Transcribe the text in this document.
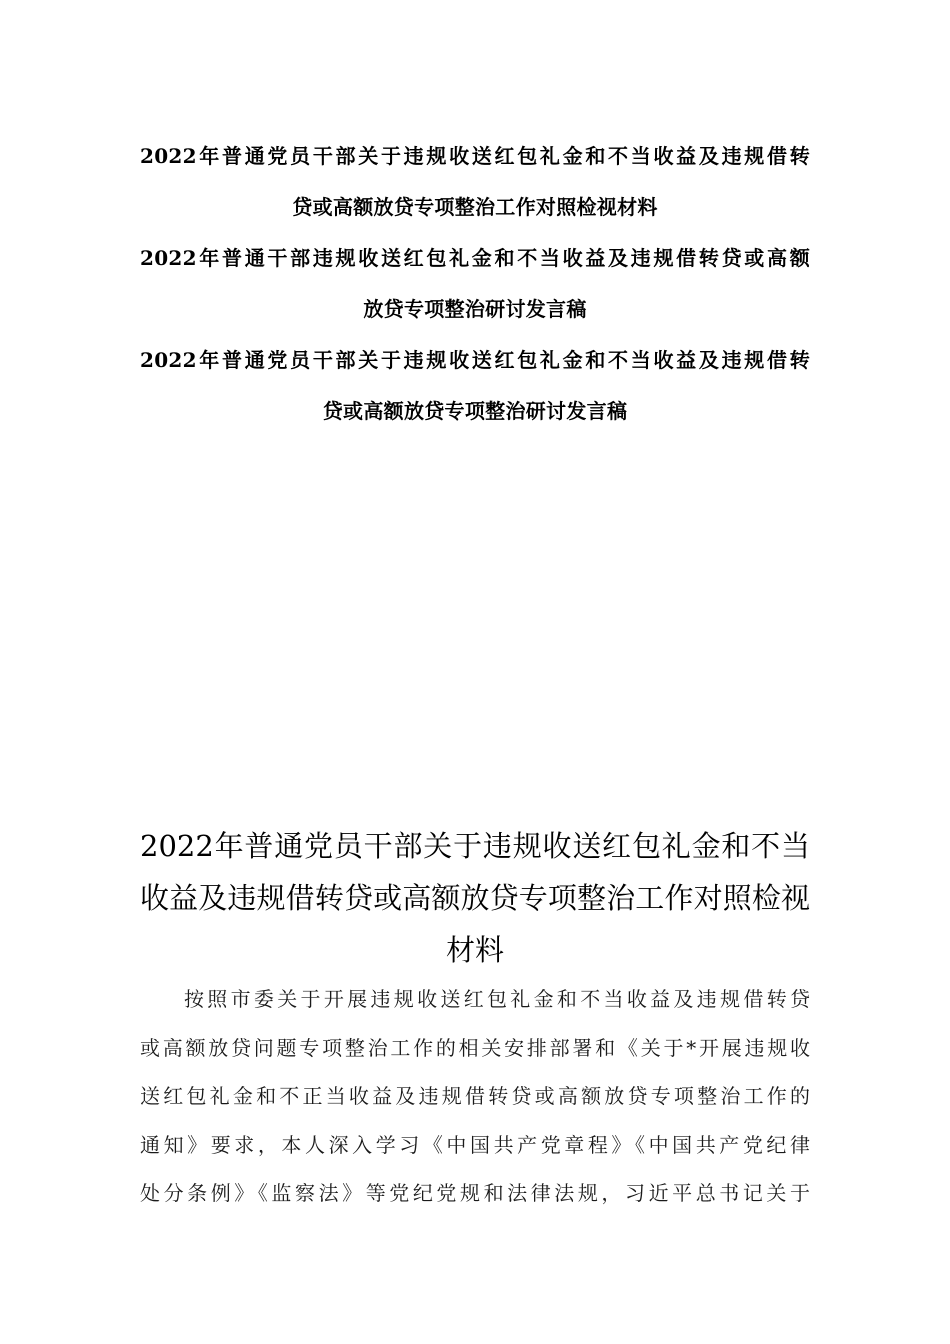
2022年普通党员干部关于违规收送红包礼金和不当收益及违规借转
贷或高额放贷专项整治工作对照检视材料
2022年普通干部违规收送红包礼金和不当收益及违规借转贷或高额
放贷专项整治研讨发言稿
2022年普通党员干部关于违规收送红包礼金和不当收益及违规借转
贷或高额放贷专项整治研讨发言稿
2022年普通党员干部关于违规收送红包礼金和不当
收益及违规借转贷或高额放贷专项整治工作对照检视
材料
按照市委关于开展违规收送红包礼金和不当收益及违规借转贷
或高额放贷问题专项整治工作的相关安排部署和《关于*开展违规收
送红包礼金和不正当收益及违规借转贷或高额放贷专项整治工作的
通知》要求，本人深入学习《中国共产党章程》《中国共产党纪律
处分条例》《监察法》等党纪党规和法律法规，习近平总书记关于
